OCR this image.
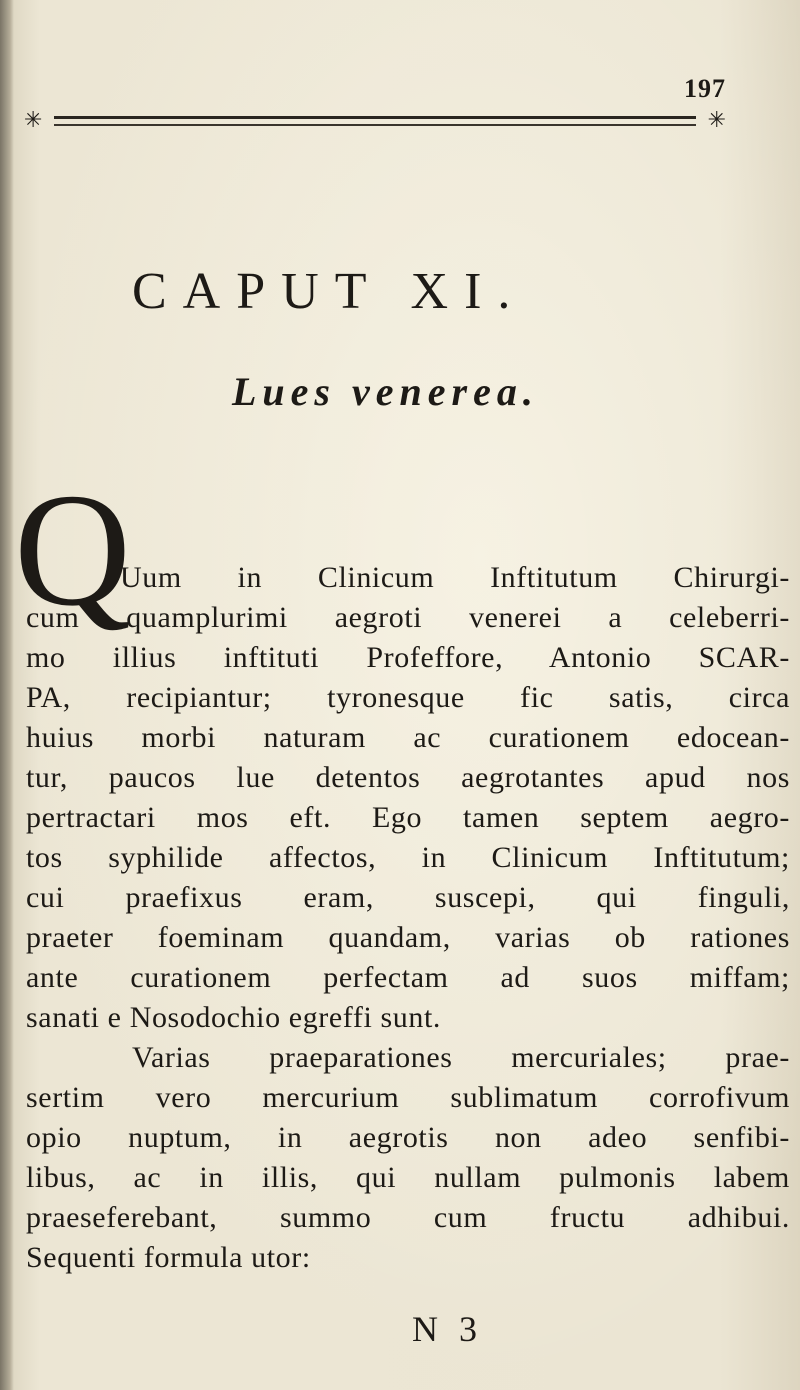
197
✳	✳
CAPUT XI.
Lues venerea.
Q
Uum in Clinicum Inftitutum Chirurgi-
cum quamplurimi aegroti venerei a celeberri-
mo illius inftituti Profeffore, Antonio SCAR-
PA, recipiantur; tyronesque fic satis, circa
huius morbi naturam ac curationem edocean-
tur, paucos lue detentos aegrotantes apud nos
pertractari mos eft. Ego tamen septem aegro-
tos syphilide affectos, in Clinicum Inftitutum;
cui praefixus eram, suscepi, qui finguli,
praeter foeminam quandam, varias ob rationes
ante curationem perfectam ad suos miffam;
sanati e Nosodochio egreffi sunt.
Varias praeparationes mercuriales; prae-
sertim vero mercurium sublimatum corrofivum
opio nuptum, in aegrotis non adeo senfibi-
libus, ac in illis, qui nullam pulmonis labem
praeseferebant, summo cum fructu adhibui.
Sequenti formula utor:
N 3
